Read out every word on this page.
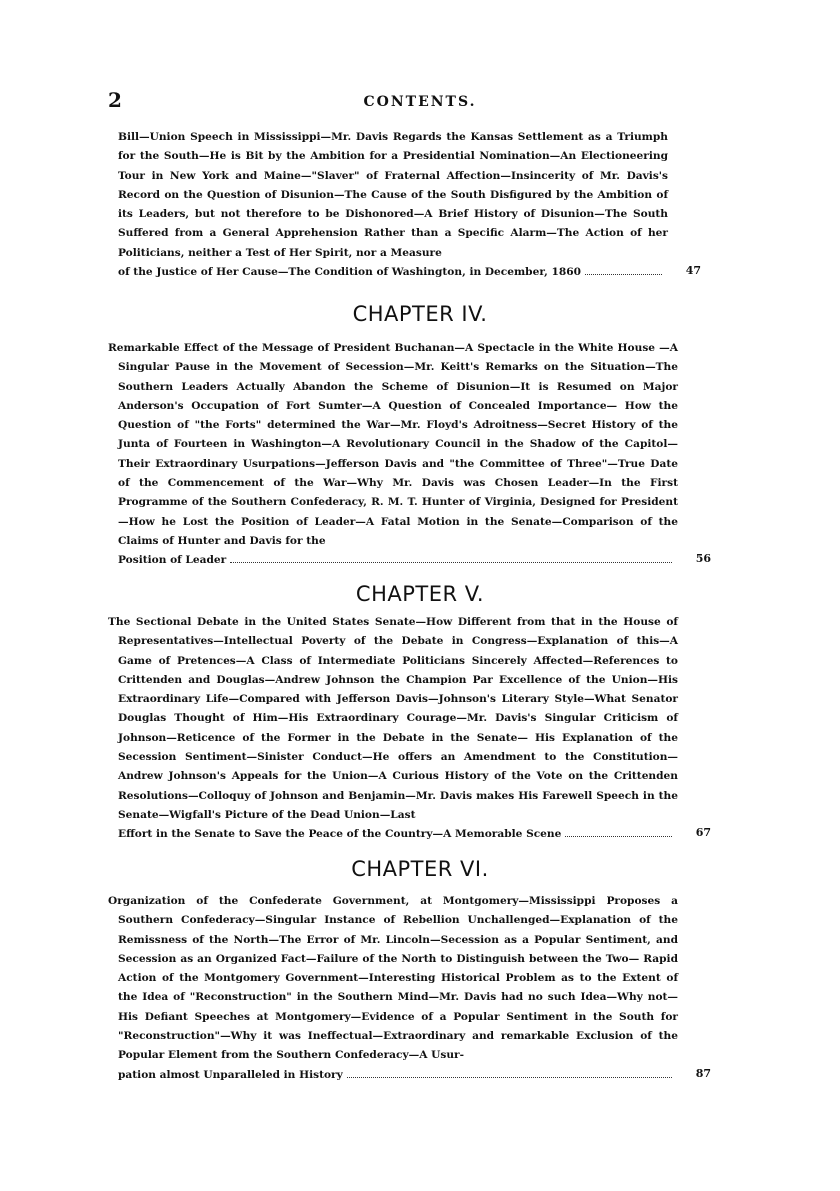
2	CONTENTS.
Bill—Union Speech in Mississippi—Mr. Davis Regards the Kansas Settlement as a Triumph for the South—He is Bit by the Ambition for a Presidential Nomination—An Electioneering Tour in New York and Maine—"Slaver" of Fraternal Affection—Insincerity of Mr. Davis's Record on the Question of Disunion—The Cause of the South Disfigured by the Ambition of its Leaders, but not therefore to be Dishonored—A Brief History of Disunion—The South Suffered from a General Apprehension Rather than a Specific Alarm—The Action of her Politicians, neither a Test of Her Spirit, nor a Measure
of the Justice of Her Cause—The Condition of Washington, in December, 1860	47
CHAPTER IV.
Remarkable Effect of the Message of President Buchanan—A Spectacle in the White House —A Singular Pause in the Movement of Secession—Mr. Keitt's Remarks on the Situation—The Southern Leaders Actually Abandon the Scheme of Disunion—It is Resumed on Major Anderson's Occupation of Fort Sumter—A Question of Concealed Importance— How the Question of "the Forts" determined the War—Mr. Floyd's Adroitness—Secret History of the Junta of Fourteen in Washington—A Revolutionary Council in the Shadow of the Capitol—Their Extraordinary Usurpations—Jefferson Davis and "the Committee of Three"—True Date of the Commencement of the War—Why Mr. Davis was Chosen Leader—In the First Programme of the Southern Confederacy, R. M. T. Hunter of Virginia, Designed for President—How he Lost the Position of Leader—A Fatal Motion in the Senate—Comparison of the Claims of Hunter and Davis for the
Position of Leader	56
CHAPTER V.
The Sectional Debate in the United States Senate—How Different from that in the House of Representatives—Intellectual Poverty of the Debate in Congress—Explanation of this—A Game of Pretences—A Class of Intermediate Politicians Sincerely Affected—References to Crittenden and Douglas—Andrew Johnson the Champion Par Excellence of the Union—His Extraordinary Life—Compared with Jefferson Davis—Johnson's Literary Style—What Senator Douglas Thought of Him—His Extraordinary Courage—Mr. Davis's Singular Criticism of Johnson—Reticence of the Former in the Debate in the Senate— His Explanation of the Secession Sentiment—Sinister Conduct—He offers an Amendment to the Constitution—Andrew Johnson's Appeals for the Union—A Curious History of the Vote on the Crittenden Resolutions—Colloquy of Johnson and Benjamin—Mr. Davis makes His Farewell Speech in the Senate—Wigfall's Picture of the Dead Union—Last
Effort in the Senate to Save the Peace of the Country—A Memorable Scene	67
CHAPTER VI.
Organization of the Confederate Government, at Montgomery—Mississippi Proposes a Southern Confederacy—Singular Instance of Rebellion Unchallenged—Explanation of the Remissness of the North—The Error of Mr. Lincoln—Secession as a Popular Sentiment, and Secession as an Organized Fact—Failure of the North to Distinguish between the Two— Rapid Action of the Montgomery Government—Interesting Historical Problem as to the Extent of the Idea of "Reconstruction" in the Southern Mind—Mr. Davis had no such Idea—Why not—His Defiant Speeches at Montgomery—Evidence of a Popular Sentiment in the South for "Reconstruction"—Why it was Ineffectual—Extraordinary and remarkable Exclusion of the Popular Element from the Southern Confederacy—A Usur-
pation almost Unparalleled in History	87
